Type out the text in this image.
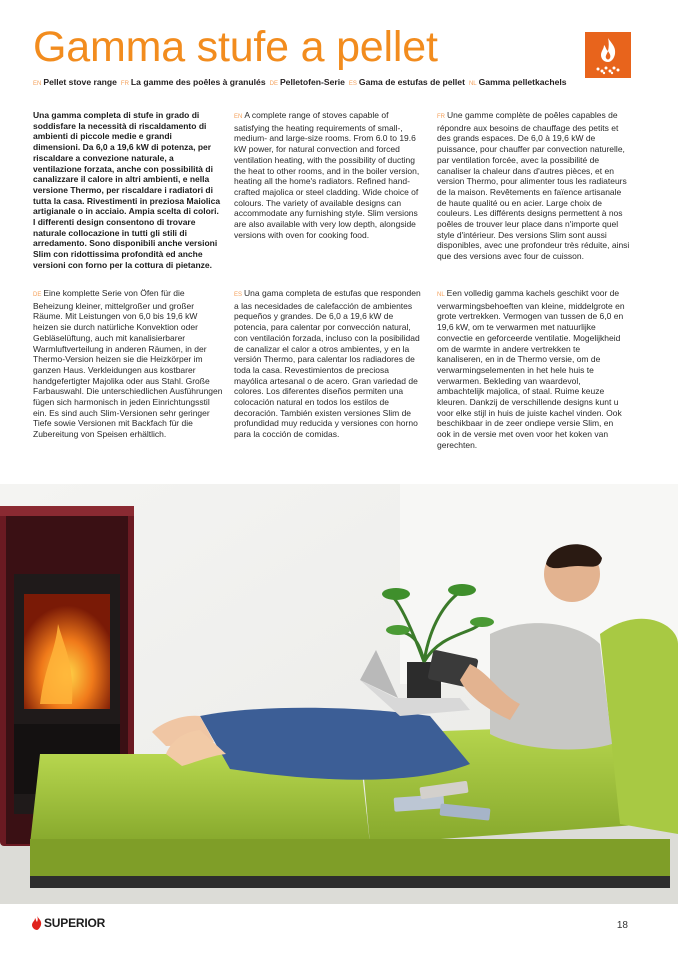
Gamma stufe a pellet
EN Pellet stove range FR La gamme des poêles à granulés DE Pelletofen-Serie ES Gama de estufas de pellet NL Gamma pelletkachels

Una gamma completa di stufe in grado di soddisfare la necessità di riscaldamento di ambienti di piccole medie e grandi dimensioni. Da 6,0 a 19,6 kW di potenza, per riscaldare a convezione naturale, a ventilazione forzata, anche con possibilità di canalizzare il calore in altri ambienti, e nella versione Thermo, per riscaldare i radiatori di tutta la casa. Rivestimenti in preziosa Maiolica artigianale o in acciaio. Ampia scelta di colori. I differenti design consentono di trovare naturale collocazione in tutti gli stili di arredamento. Sono disponibili anche versioni Slim con ridottissima profondità ed anche versioni con forno per la cottura di pietanze.

EN A complete range of stoves capable of satisfying the heating requirements of small-, medium- and large-size rooms. From 6.0 to 19.6 kW power, for natural convection and forced ventilation heating, with the possibility of ducting the heat to other rooms, and in the boiler version, heating all the home's radiators. Refined hand-crafted majolica or steel cladding. Wide choice of colours. The variety of available designs can accommodate any furnishing style. Slim versions are also available with very low depth, alongside versions with oven for cooking food.

FR Une gamme complète de poêles capables de répondre aux besoins de chauffage des petits et des grands espaces. De 6,0 à 19,6 kW de puissance, pour chauffer par convection naturelle, par ventilation forcée, avec la possibilité de canaliser la chaleur dans d'autres pièces, et en version Thermo, pour alimenter tous les radiateurs de la maison. Revêtements en faïence artisanale de haute qualité ou en acier. Large choix de couleurs. Les différents designs permettent à nos poêles de trouver leur place dans n'importe quel style d'intérieur. Des versions Slim sont aussi disponibles, avec une profondeur très réduite, ainsi que des versions avec four de cuisson.

DE Eine komplette Serie von Öfen für die Beheizung kleiner, mittelgroßer und großer Räume. Mit Leistungen von 6,0 bis 19,6 kW heizen sie durch natürliche Konvektion oder Gebläselüftung, auch mit kanalisierbarer Warmluftverteilung in anderen Räumen, in der Thermo-Version heizen sie die Heizkörper im ganzen Haus. Verkleidungen aus kostbarer handgefertigter Majolika oder aus Stahl. Große Farbauswahl. Die unterschiedlichen Ausführungen fügen sich harmonisch in jeden Einrichtungsstil ein. Es sind auch Slim-Versionen sehr geringer Tiefe sowie Versionen mit Backfach für die Zubereitung von Speisen erhältlich.

ES Una gama completa de estufas que responden a las necesidades de calefacción de ambientes pequeños y grandes. De 6,0 a 19,6 kW de potencia, para calentar por convección natural, con ventilación forzada, incluso con la posibilidad de canalizar el calor a otros ambientes, y en la versión Thermo, para calentar los radiadores de toda la casa. Revestimientos de preciosa mayólica artesanal o de acero. Gran variedad de colores. Los diferentes diseños permiten una colocación natural en todos los estilos de decoración. También existen versiones Slim de profundidad muy reducida y versiones con horno para la cocción de comidas.

NL Een volledig gamma kachels geschikt voor de verwarmingsbehoeften van kleine, middelgrote en grote vertrekken. Vermogen van tussen de 6,0 en 19,6 kW, om te verwarmen met natuurlijke convectie en geforceerde ventilatie. Mogelijkheid om de warmte in andere vertrekken te kanaliseren, en in de Thermo versie, om de verwarmingselementen in het hele huis te verwarmen. Bekleding van waardevol, ambachtelijk majolica, of staal. Ruime keuze kleuren. Dankzij de verschillende designs kunt u voor elke stijl in huis de juiste kachel vinden. Ook beschikbaar in de zeer ondiepe versie Slim, en ook in de versie met oven voor het koken van gerechten.

SUPERIOR	18
